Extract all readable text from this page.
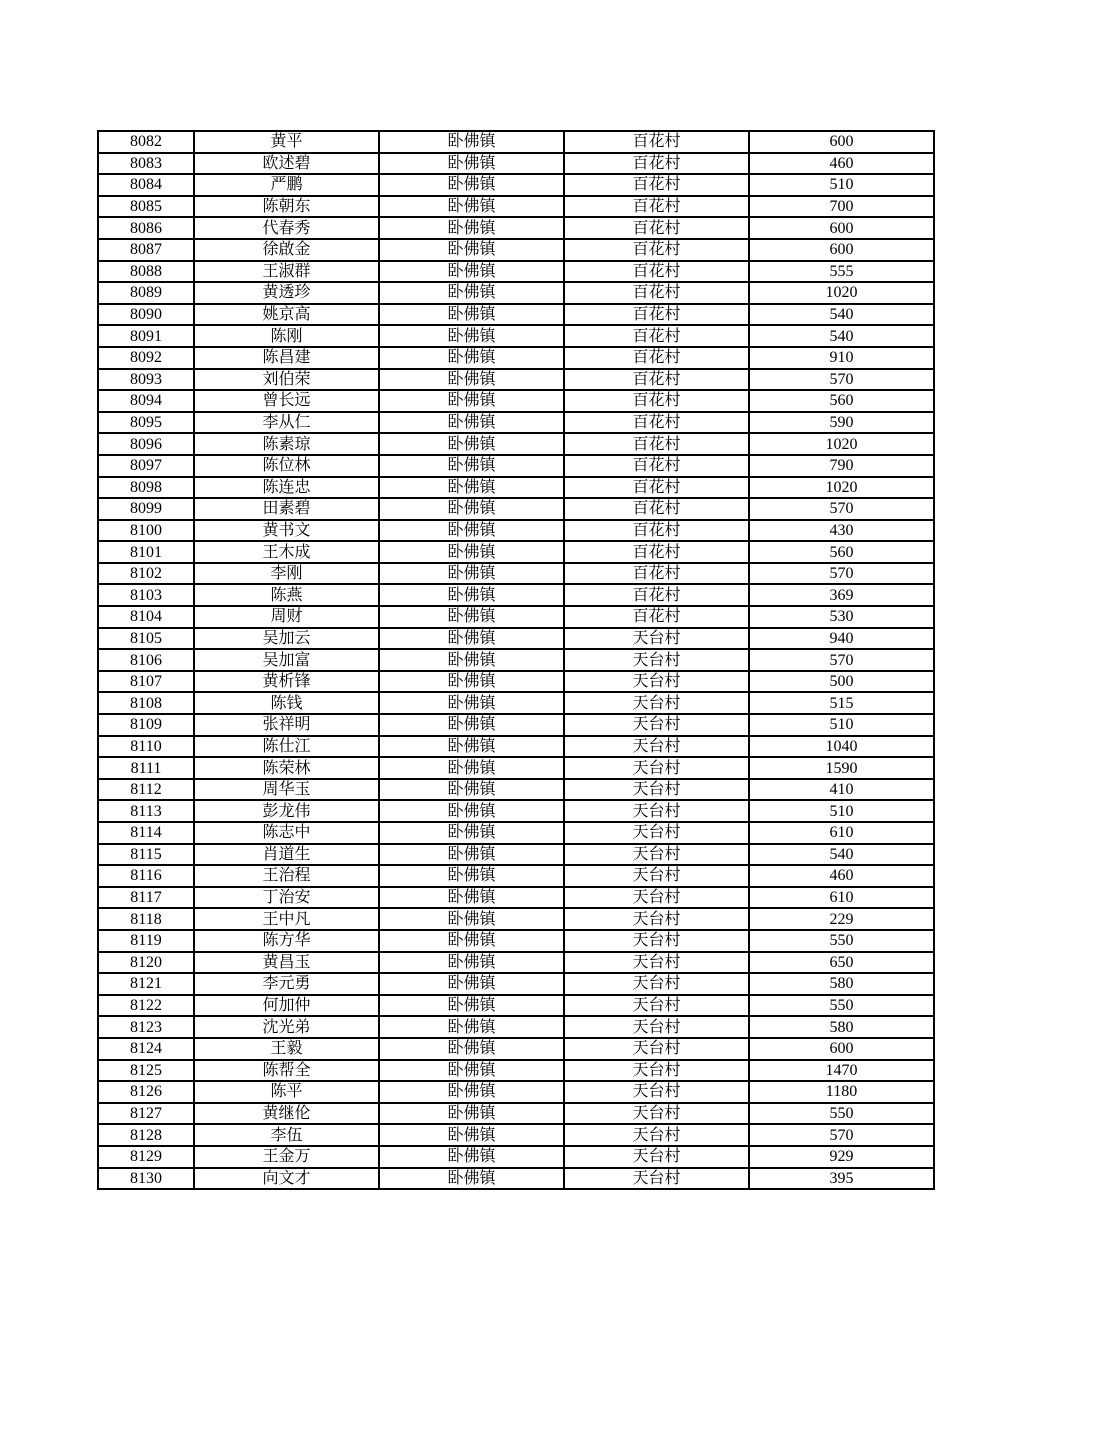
8082	黄平	卧佛镇	百花村	600
8083	欧述碧	卧佛镇	百花村	460
8084	严鹏	卧佛镇	百花村	510
8085	陈朝东	卧佛镇	百花村	700
8086	代春秀	卧佛镇	百花村	600
8087	徐啟金	卧佛镇	百花村	600
8088	王淑群	卧佛镇	百花村	555
8089	黄透珍	卧佛镇	百花村	1020
8090	姚京高	卧佛镇	百花村	540
8091	陈刚	卧佛镇	百花村	540
8092	陈昌建	卧佛镇	百花村	910
8093	刘伯荣	卧佛镇	百花村	570
8094	曾长远	卧佛镇	百花村	560
8095	李从仁	卧佛镇	百花村	590
8096	陈素琼	卧佛镇	百花村	1020
8097	陈位林	卧佛镇	百花村	790
8098	陈连忠	卧佛镇	百花村	1020
8099	田素碧	卧佛镇	百花村	570
8100	黄书文	卧佛镇	百花村	430
8101	王木成	卧佛镇	百花村	560
8102	李刚	卧佛镇	百花村	570
8103	陈燕	卧佛镇	百花村	369
8104	周财	卧佛镇	百花村	530
8105	吴加云	卧佛镇	天台村	940
8106	吴加富	卧佛镇	天台村	570
8107	黄析锋	卧佛镇	天台村	500
8108	陈钱	卧佛镇	天台村	515
8109	张祥明	卧佛镇	天台村	510
8110	陈仕江	卧佛镇	天台村	1040
8111	陈荣林	卧佛镇	天台村	1590
8112	周华玉	卧佛镇	天台村	410
8113	彭龙伟	卧佛镇	天台村	510
8114	陈志中	卧佛镇	天台村	610
8115	肖道生	卧佛镇	天台村	540
8116	王治程	卧佛镇	天台村	460
8117	丁治安	卧佛镇	天台村	610
8118	王中凡	卧佛镇	天台村	229
8119	陈方华	卧佛镇	天台村	550
8120	黄昌玉	卧佛镇	天台村	650
8121	李元勇	卧佛镇	天台村	580
8122	何加仲	卧佛镇	天台村	550
8123	沈光弟	卧佛镇	天台村	580
8124	王毅	卧佛镇	天台村	600
8125	陈帮全	卧佛镇	天台村	1470
8126	陈平	卧佛镇	天台村	1180
8127	黄继伦	卧佛镇	天台村	550
8128	李伍	卧佛镇	天台村	570
8129	王金万	卧佛镇	天台村	929
8130	向文才	卧佛镇	天台村	395
